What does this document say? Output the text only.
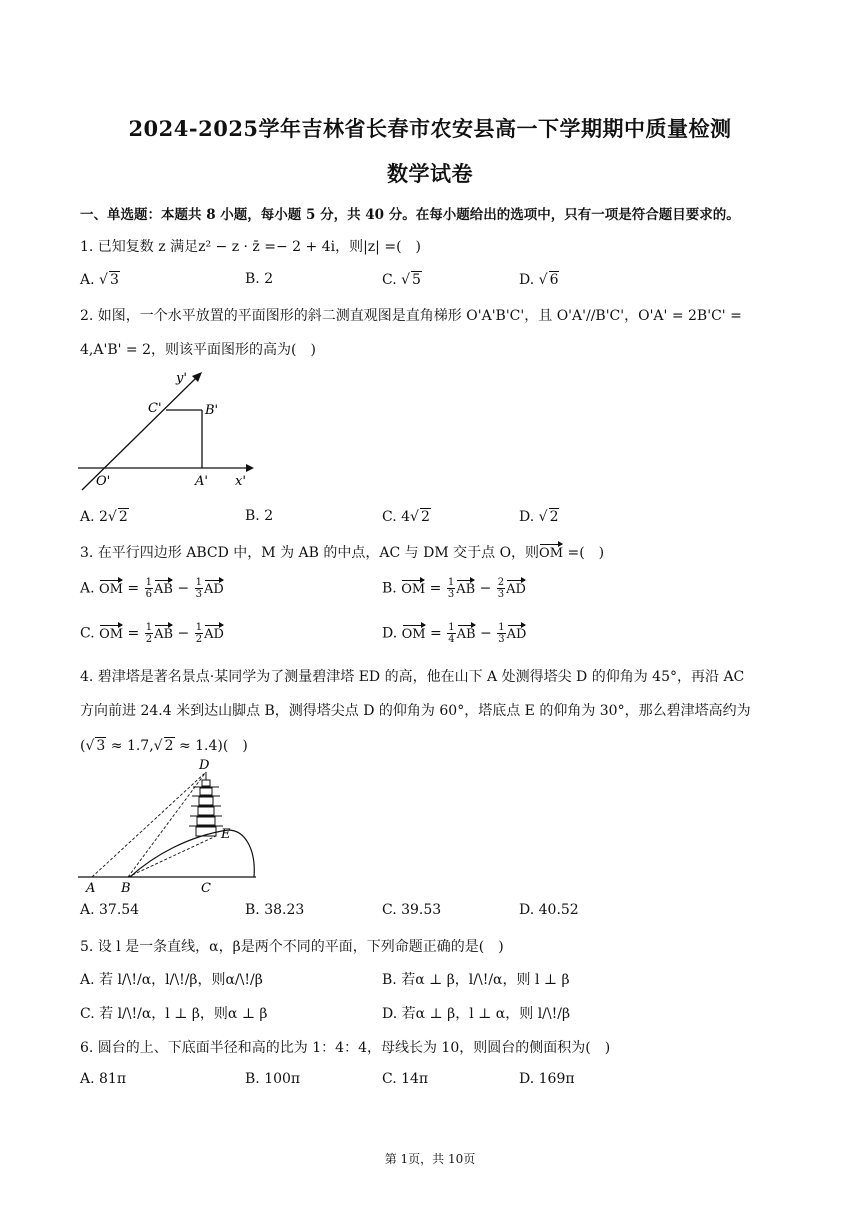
2024-2025学年吉林省长春市农安县高一下学期期中质量检测
数学试卷
一、单选题：本题共 8 小题，每小题 5 分，共 40 分。在每小题给出的选项中，只有一项是符合题目要求的。
1. 已知复数 z 满足z² − z · z̄ =− 2 + 4i，则|z| =(　)
A. √ 3	B. 2	C. √ 5	D. √ 6
2. 如图，一个水平放置的平面图形的斜二测直观图是直角梯形 O'A'B'C'，且 O'A'//B'C'，O'A' = 2B'C' =
4,A'B' = 2，则该平面图形的高为(　)
y'
C'	B'
O'	A' x'
A. 2√ 2	B. 2	C. 4√ 2	D. √ 2
3. 在平行四边形 ABCD 中，M 为 AB 的中点，AC 与 DM 交于点 O，则OM =(　)
A. OM = $\frac{1}{6}$ AB − $\frac{1}{3}$ AD	B. OM = $\frac{1}{3}$ AB − $\frac{2}{3}$ AD
C. OM = $\frac{1}{2}$ AB − $\frac{1}{2}$ AD	D. OM = $\frac{1}{4}$ AB − $\frac{1}{3}$ AD
4. 碧津塔是著名景点·某同学为了测量碧津塔 ED 的高，他在山下 A 处测得塔尖 D 的仰角为 45°，再沿 AC
方向前进 24.4 米到达山脚点 B，测得塔尖点 D 的仰角为 60°，塔底点 E 的仰角为 30°，那么碧津塔高约为
(√ 3 ≈ 1.7,√ 2 ≈ 1.4)(　)
D
E
A B	C
A. 37.54	B. 38.23	C. 39.53	D. 40.52
5. 设 l 是一条直线，α，β是两个不同的平面，下列命题正确的是(　)
A. 若 l/\!/α，l/\!/β，则α/\!/β	B. 若α ⊥ β，l/\!/α，则 l ⊥ β
C. 若 l/\!/α，l ⊥ β，则α ⊥ β	D. 若α ⊥ β，l ⊥ α，则 l/\!/β
6. 圆台的上、下底面半径和高的比为 1：4：4，母线长为 10，则圆台的侧面积为(　)
A. 81π	B. 100π	C. 14π	D. 169π
第 1页，共 10页
